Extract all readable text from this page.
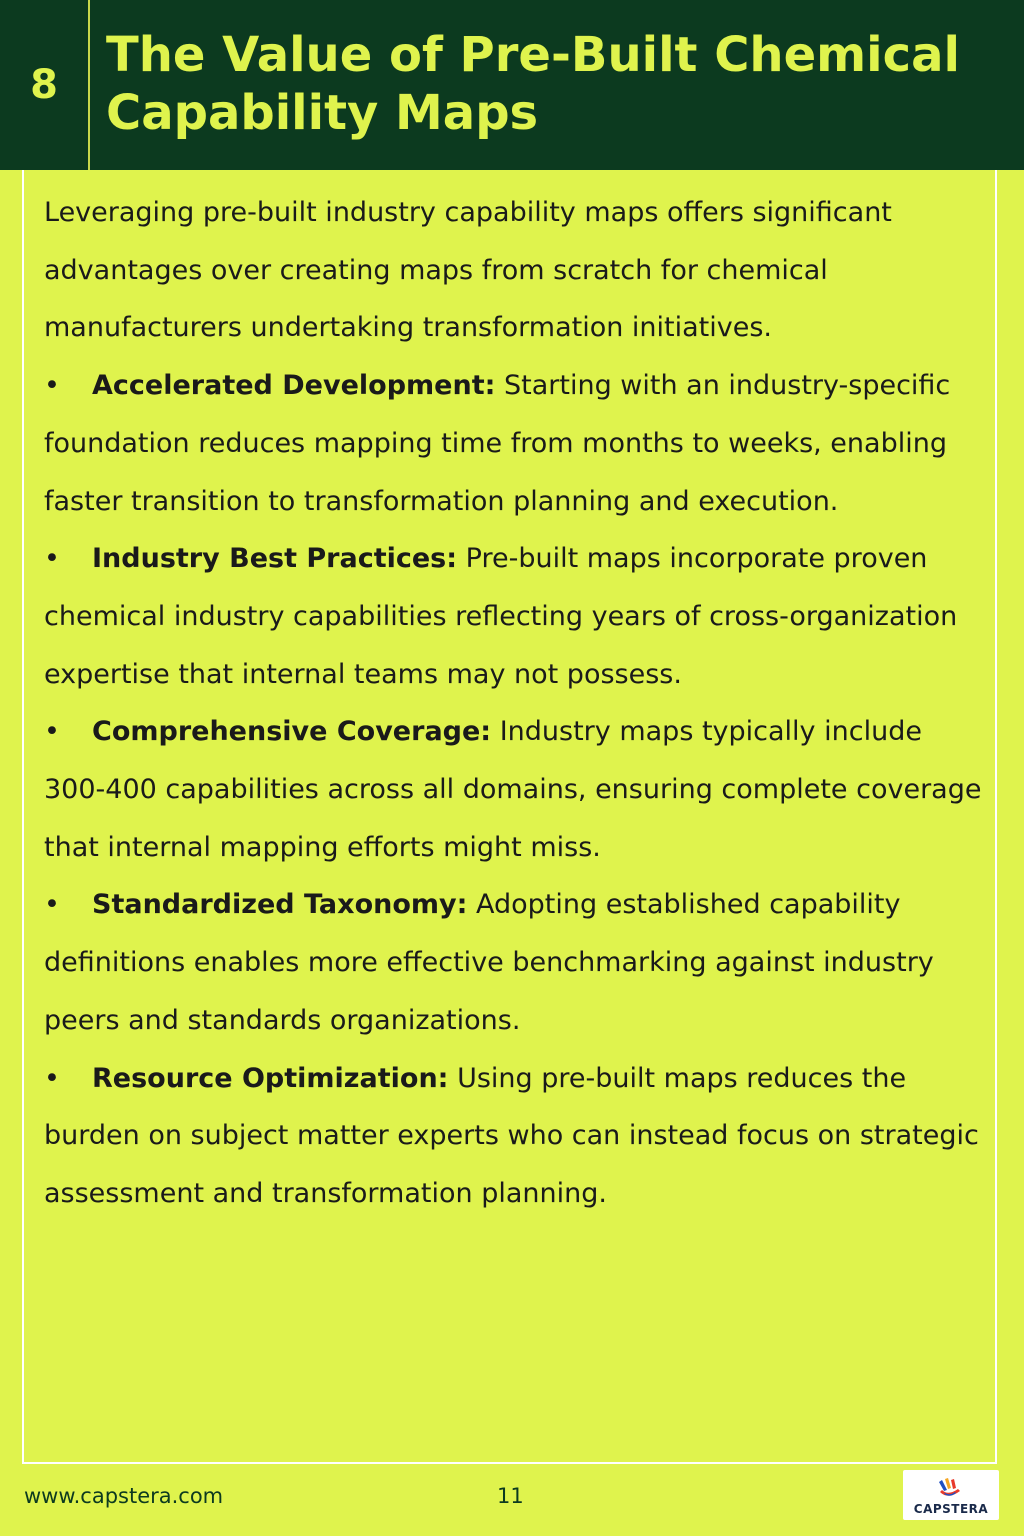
8
The Value of Pre-Built Chemical Capability Maps

Leveraging pre-built industry capability maps offers significant advantages over creating maps from scratch for chemical manufacturers undertaking transformation initiatives.

• Accelerated Development: Starting with an industry-specific foundation reduces mapping time from months to weeks, enabling faster transition to transformation planning and execution.

• Industry Best Practices: Pre-built maps incorporate proven chemical industry capabilities reflecting years of cross-organization expertise that internal teams may not possess.

• Comprehensive Coverage: Industry maps typically include 300-400 capabilities across all domains, ensuring complete coverage that internal mapping efforts might miss.

• Standardized Taxonomy: Adopting established capability definitions enables more effective benchmarking against industry peers and standards organizations.

• Resource Optimization: Using pre-built maps reduces the burden on subject matter experts who can instead focus on strategic assessment and transformation planning.

www.capstera.com	11
CAPSTERA
